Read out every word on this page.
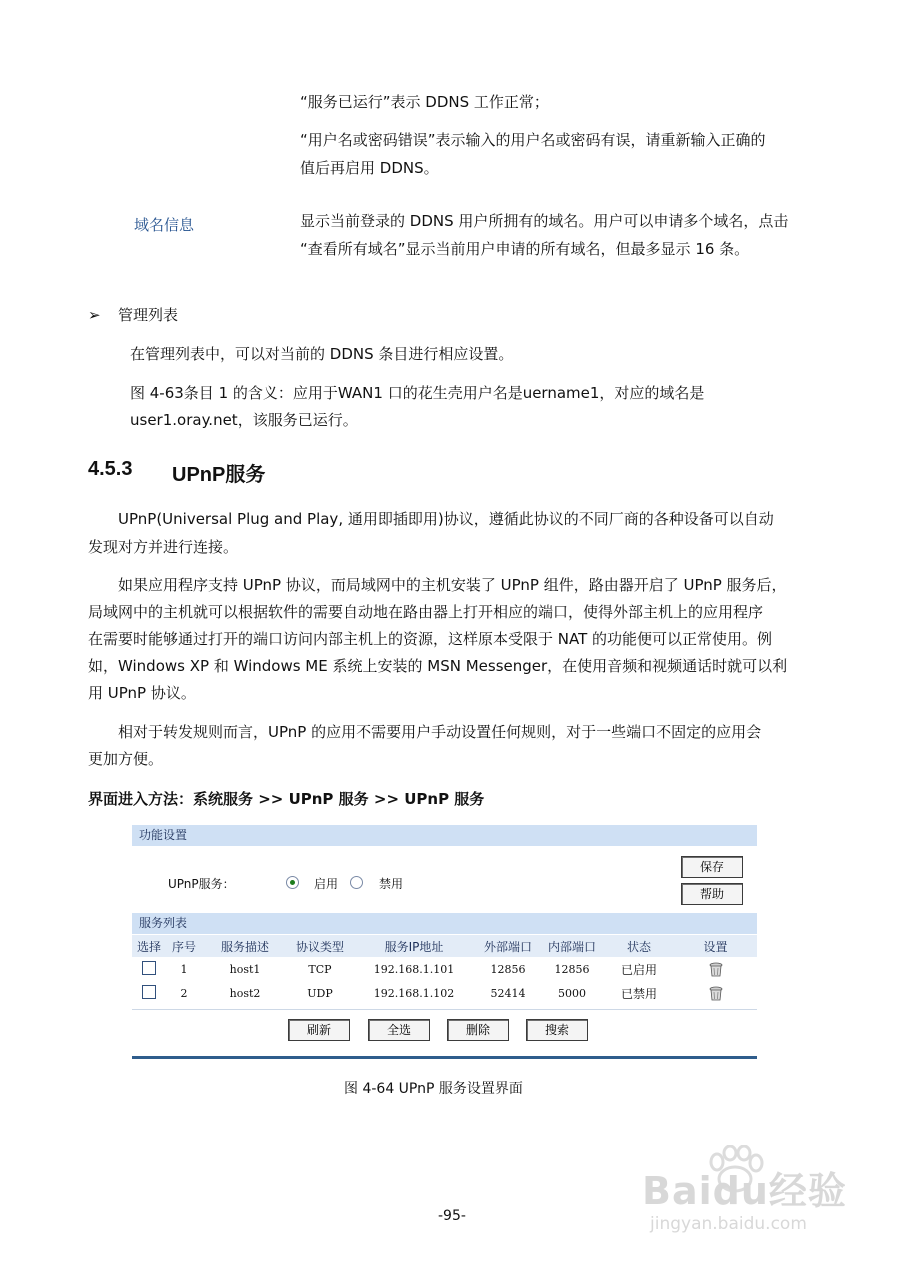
“服务已运行”表示 DDNS 工作正常；
“用户名或密码错误”表示输入的用户名或密码有误，请重新输入正确的
值后再启用 DDNS。
域名信息	显示当前登录的 DDNS 用户所拥有的域名。用户可以申请多个域名，点击
“查看所有域名”显示当前用户申请的所有域名，但最多显示 16 条。
➢ 管理列表
在管理列表中，可以对当前的 DDNS 条目进行相应设置。
图 4-63条目 1 的含义：应用于WAN1 口的花生壳用户名是uername1，对应的域名是
user1.oray.net，该服务已运行。
4.5.3 UPnP服务
UPnP(Universal Plug and Play, 通用即插即用)协议，遵循此协议的不同厂商的各种设备可以自动
发现对方并进行连接。
如果应用程序支持 UPnP 协议，而局域网中的主机安装了 UPnP 组件，路由器开启了 UPnP 服务后，
局域网中的主机就可以根据软件的需要自动地在路由器上打开相应的端口，使得外部主机上的应用程序
在需要时能够通过打开的端口访问内部主机上的资源，这样原本受限于 NAT 的功能便可以正常使用。例
如，Windows XP 和 Windows ME 系统上安装的 MSN Messenger，在使用音频和视频通话时就可以利
用 UPnP 协议。
相对于转发规则而言，UPnP 的应用不需要用户手动设置任何规则，对于一些端口不固定的应用会
更加方便。
界面进入方法：系统服务 >> UPnP 服务 >> UPnP 服务
功能设置
UPnP服务：	启用	禁用
保存
帮助
服务列表
选择	序号	服务描述	协议类型	服务IP地址	外部端口	内部端口	状态	设置
	1	host1	TCP	192.168.1.101	12856	12856	已启用	
	2	host2	UDP	192.168.1.102	52414	5000	已禁用	
刷新	全选	删除	搜索
图 4-64 UPnP 服务设置界面
Baidu经验
jingyan.baidu.com
-95-
